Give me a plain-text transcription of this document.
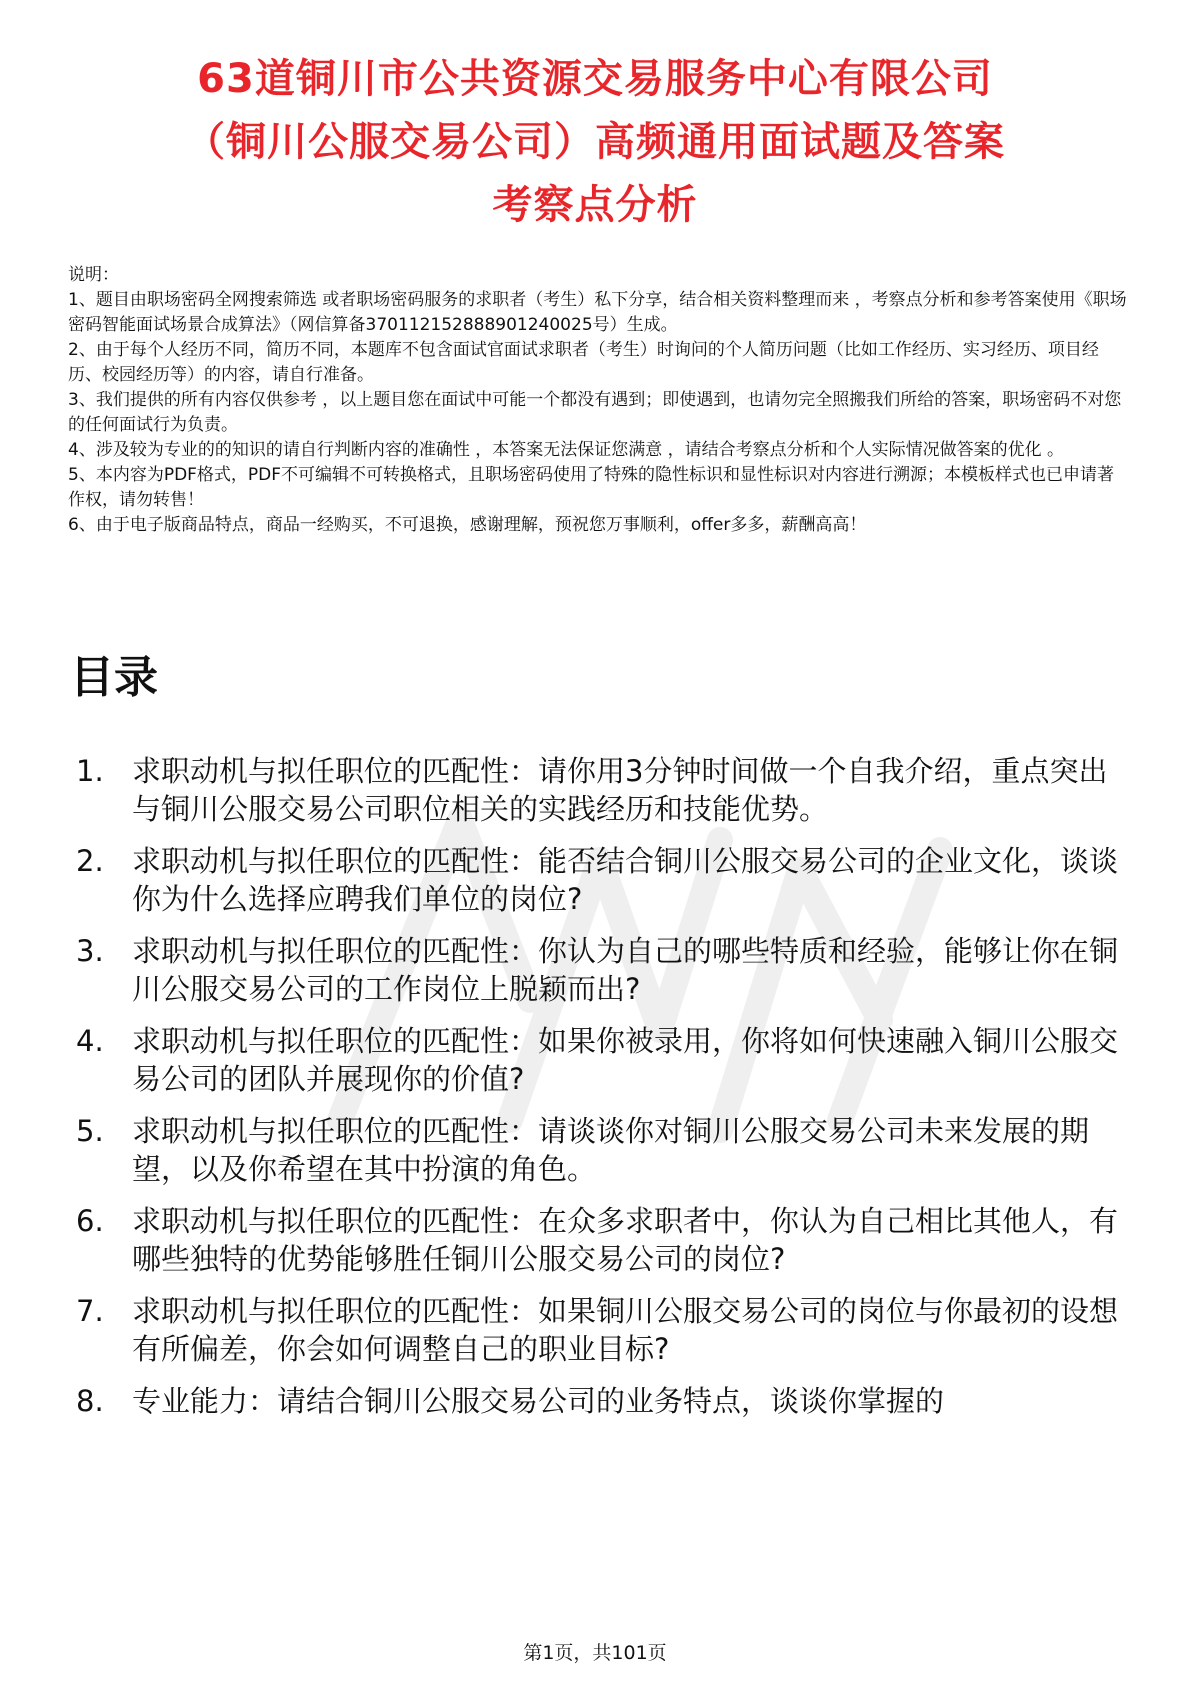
63道铜川市公共资源交易服务中心有限公司
（铜川公服交易公司）高频通用面试题及答案
考察点分析
说明：
1、题目由职场密码全网搜索筛选 或者职场密码服务的求职者（考生）私下分享，结合相关资料整理而来 ，考察点分析和参考答案使用《职场密码智能面试场景合成算法》（网信算备370112152888901240025号）生成。
2、由于每个人经历不同，简历不同，本题库不包含面试官面试求职者（考生）时询问的个人简历问题（比如工作经历、实习经历、项目经历、校园经历等）的内容，请自行准备。
3、我们提供的所有内容仅供参考 ，以上题目您在面试中可能一个都没有遇到；即使遇到，也请勿完全照搬我们所给的答案，职场密码不对您的任何面试行为负责。
4、涉及较为专业的的知识的请自行判断内容的准确性 ，本答案无法保证您满意 ，请结合考察点分析和个人实际情况做答案的优化 。
5、本内容为PDF格式，PDF不可编辑不可转换格式，且职场密码使用了特殊的隐性标识和显性标识对内容进行溯源；本模板样式也已申请著作权，请勿转售！
6、由于电子版商品特点，商品一经购买，不可退换，感谢理解，预祝您万事顺利，offer多多，薪酬高高！
目录
1. 求职动机与拟任职位的匹配性：请你用3分钟时间做一个自我介绍，重点突出与铜川公服交易公司职位相关的实践经历和技能优势。
2. 求职动机与拟任职位的匹配性：能否结合铜川公服交易公司的企业文化，谈谈你为什么选择应聘我们单位的岗位?
3. 求职动机与拟任职位的匹配性：你认为自己的哪些特质和经验，能够让你在铜川公服交易公司的工作岗位上脱颖而出?
4. 求职动机与拟任职位的匹配性：如果你被录用，你将如何快速融入铜川公服交易公司的团队并展现你的价值?
5. 求职动机与拟任职位的匹配性：请谈谈你对铜川公服交易公司未来发展的期望，以及你希望在其中扮演的角色。
6. 求职动机与拟任职位的匹配性：在众多求职者中，你认为自己相比其他人，有哪些独特的优势能够胜任铜川公服交易公司的岗位?
7. 求职动机与拟任职位的匹配性：如果铜川公服交易公司的岗位与你最初的设想有所偏差，你会如何调整自己的职业目标?
8. 专业能力：请结合铜川公服交易公司的业务特点，谈谈你掌握的
第1页，共101页
